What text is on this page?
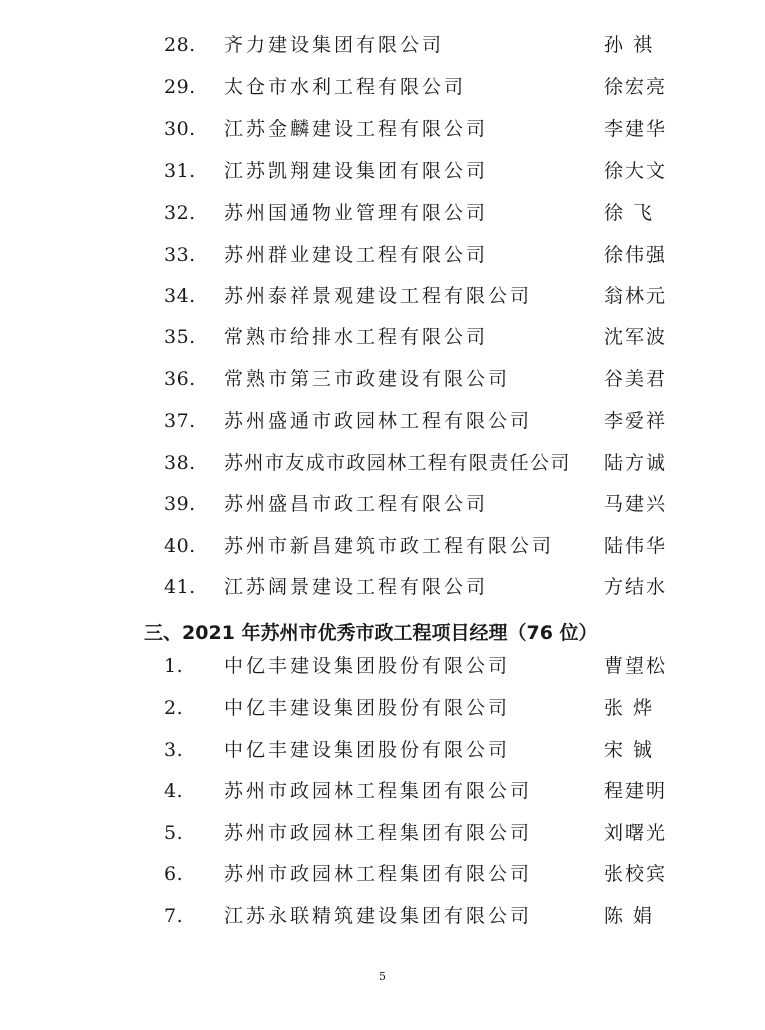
28.	齐力建设集团有限公司	孙 祺
29.	太仓市水利工程有限公司	徐宏亮
30.	江苏金麟建设工程有限公司	李建华
31.	江苏凯翔建设集团有限公司	徐大文
32.	苏州国通物业管理有限公司	徐 飞
33.	苏州群业建设工程有限公司	徐伟强
34.	苏州泰祥景观建设工程有限公司	翁林元
35.	常熟市给排水工程有限公司	沈军波
36.	常熟市第三市政建设有限公司	谷美君
37.	苏州盛通市政园林工程有限公司	李爱祥
38.	苏州市友成市政园林工程有限责任公司 陆方诚
39.	苏州盛昌市政工程有限公司	马建兴
40.	苏州市新昌建筑市政工程有限公司	陆伟华
41.	江苏阔景建设工程有限公司	方结水
三、2021 年苏州市优秀市政工程项目经理（76 位）
1.	中亿丰建设集团股份有限公司	曹望松
2.	中亿丰建设集团股份有限公司	张 烨
3.	中亿丰建设集团股份有限公司	宋 铖
4.	苏州市政园林工程集团有限公司	程建明
5.	苏州市政园林工程集团有限公司	刘曙光
6.	苏州市政园林工程集团有限公司	张校宾
7.	江苏永联精筑建设集团有限公司	陈 娟
5
